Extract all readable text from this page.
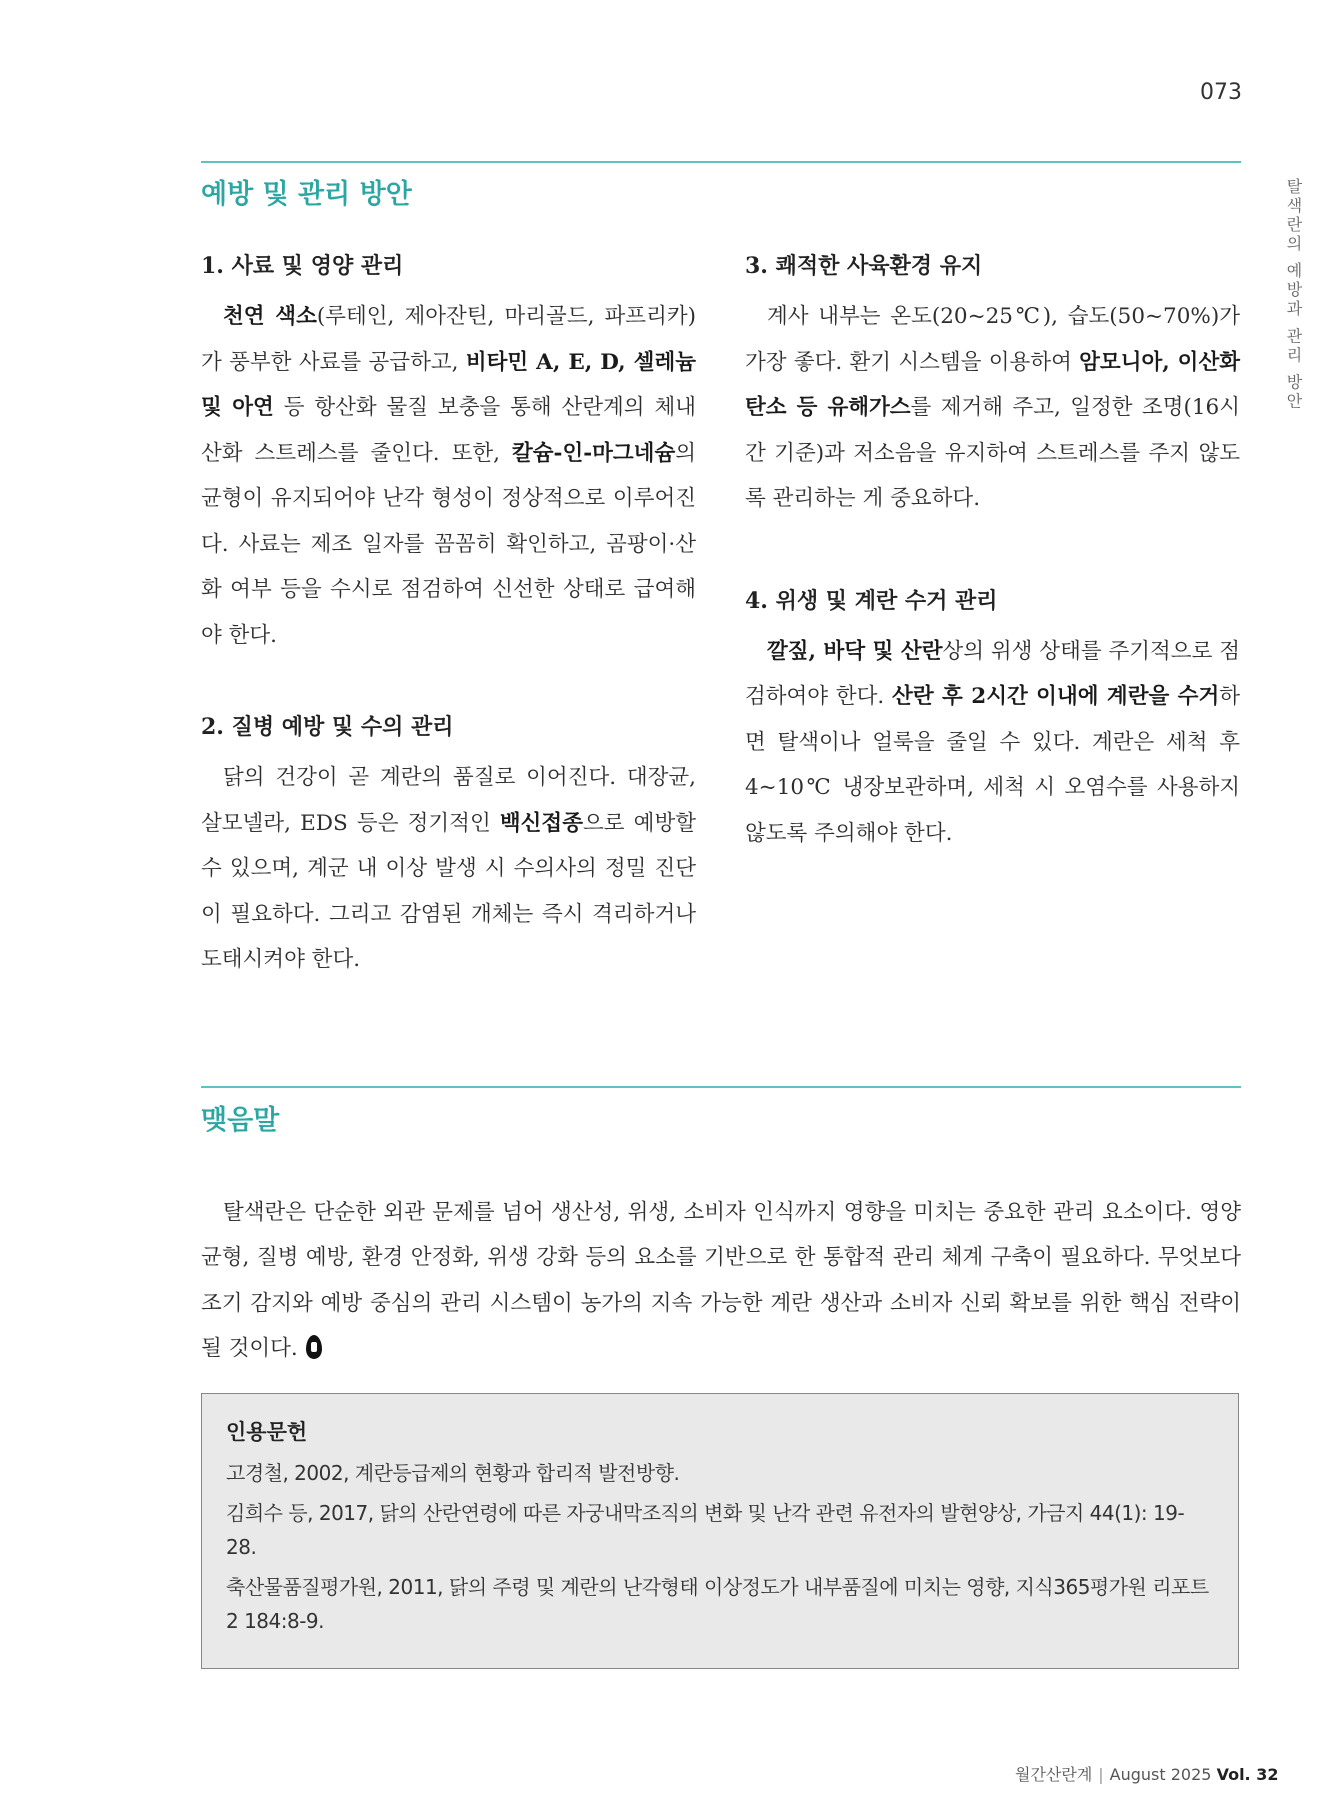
073
탈색란의 예방과 관리 방안
예방 및 관리 방안
1. 사료 및 영양 관리

천연 색소(루테인, 제아잔틴, 마리골드, 파프리카)가 풍부한 사료를 공급하고, 비타민 A, E, D, 셀레늄 및 아연 등 항산화 물질 보충을 통해 산란계의 체내 산화 스트레스를 줄인다. 또한, 칼슘-인-마그네슘의 균형이 유지되어야 난각 형성이 정상적으로 이루어진다. 사료는 제조 일자를 꼼꼼히 확인하고, 곰팡이·산화 여부 등을 수시로 점검하여 신선한 상태로 급여해야 한다.

2. 질병 예방 및 수의 관리

닭의 건강이 곧 계란의 품질로 이어진다. 대장균, 살모넬라, EDS 등은 정기적인 백신접종으로 예방할 수 있으며, 계군 내 이상 발생 시 수의사의 정밀 진단이 필요하다. 그리고 감염된 개체는 즉시 격리하거나 도태시켜야 한다.

3. 쾌적한 사육환경 유지

계사 내부는 온도(20~25℃), 습도(50~70%)가 가장 좋다. 환기 시스템을 이용하여 암모니아, 이산화탄소 등 유해가스를 제거해 주고, 일정한 조명(16시간 기준)과 저소음을 유지하여 스트레스를 주지 않도록 관리하는 게 중요하다.

4. 위생 및 계란 수거 관리

깔짚, 바닥 및 산란상의 위생 상태를 주기적으로 점검하여야 한다. 산란 후 2시간 이내에 계란을 수거하면 탈색이나 얼룩을 줄일 수 있다. 계란은 세척 후 4~10℃ 냉장보관하며, 세척 시 오염수를 사용하지 않도록 주의해야 한다.

맺음말

탈색란은 단순한 외관 문제를 넘어 생산성, 위생, 소비자 인식까지 영향을 미치는 중요한 관리 요소이다. 영양 균형, 질병 예방, 환경 안정화, 위생 강화 등의 요소를 기반으로 한 통합적 관리 체계 구축이 필요하다. 무엇보다 조기 감지와 예방 중심의 관리 시스템이 농가의 지속 가능한 계란 생산과 소비자 신뢰 확보를 위한 핵심 전략이 될 것이다.

인용문헌
고경철, 2002, 계란등급제의 현황과 합리적 발전방향.
김희수 등, 2017, 닭의 산란연령에 따른 자궁내막조직의 변화 및 난각 관련 유전자의 발현양상, 가금지 44(1): 19-28.
축산물품질평가원, 2011, 닭의 주령 및 계란의 난각형태 이상정도가 내부품질에 미치는 영향, 지식365평가원 리포트2 184:8-9.
월간산란계 | August 2025 Vol. 32
